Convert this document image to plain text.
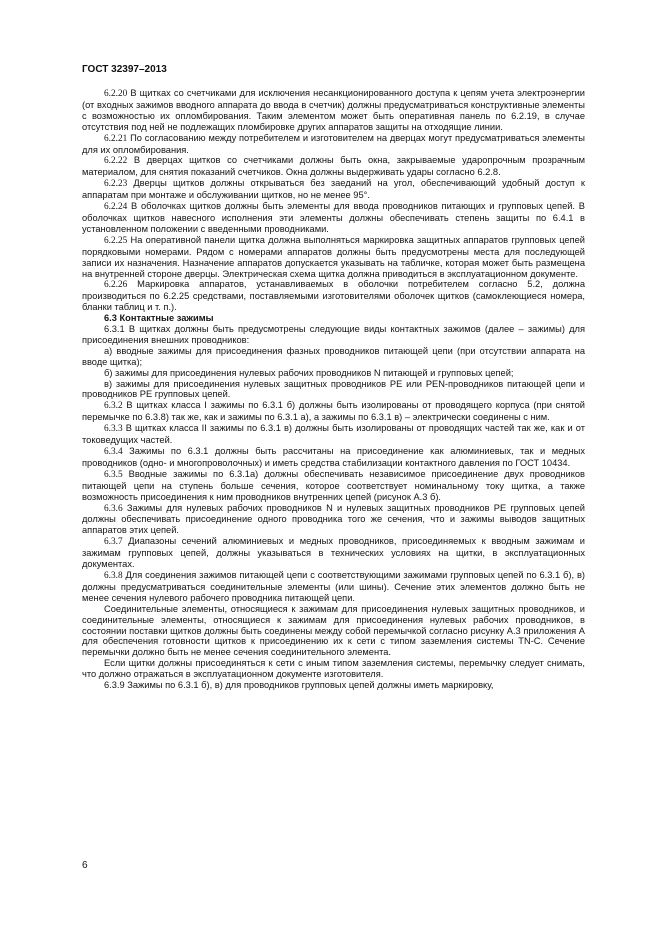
ГОСТ 32397–2013

6.2.20 В щитках со счетчиками для исключения несанкционированного доступа к цепям учета электроэнергии (от входных зажимов вводного аппарата до ввода в счетчик) должны предусматриваться конструктивные элементы с возможностью их опломбирования. Таким элементом может быть оперативная панель по 6.2.19, в случае отсутствия под ней не подлежащих пломбировке других аппаратов защиты на отходящие линии.

6.2.21 По согласованию между потребителем и изготовителем на дверцах могут предусматриваться элементы для их опломбирования.

6.2.22 В дверцах щитков со счетчиками должны быть окна, закрываемые ударопрочным прозрачным материалом, для снятия показаний счетчиков. Окна должны выдерживать удары согласно 6.2.8.

6.2.23 Дверцы щитков должны открываться без заеданий на угол, обеспечивающий удобный доступ к аппаратам при монтаже и обслуживании щитков, но не менее 95°.

6.2.24 В оболочках щитков должны быть элементы для ввода проводников питающих и групповых цепей. В оболочках щитков навесного исполнения эти элементы должны обеспечивать степень защиты по 6.4.1 в установленном положении с введенными проводниками.

6.2.25 На оперативной панели щитка должна выполняться маркировка защитных аппаратов групповых цепей порядковыми номерами. Рядом с номерами аппаратов должны быть предусмотрены места для последующей записи их назначения. Назначение аппаратов допускается указывать на табличке, которая может быть размещена на внутренней стороне дверцы. Электрическая схема щитка должна приводиться в эксплуатационном документе.

6.2.26 Маркировка аппаратов, устанавливаемых в оболочки потребителем согласно 5.2, должна производиться по 6.2.25 средствами, поставляемыми изготовителями оболочек щитков (самоклеющиеся номера, бланки таблиц и т. п.).

6.3 Контактные зажимы

6.3.1 В щитках должны быть предусмотрены следующие виды контактных зажимов (далее – зажимы) для присоединения внешних проводников:

а) вводные зажимы для присоединения фазных проводников питающей цепи (при отсутствии аппарата на вводе щитка);

б) зажимы для присоединения нулевых рабочих проводников N питающей и групповых цепей;

в) зажимы для присоединения нулевых защитных проводников PE или PEN-проводников питающей цепи и проводников PE групповых цепей.

6.3.2 В щитках класса I зажимы по 6.3.1 б) должны быть изолированы от проводящего корпуса (при снятой перемычке по 6.3.8) так же, как и зажимы по 6.3.1 а), а зажимы по 6.3.1 в) – электрически соединены с ним.

6.3.3 В щитках класса II зажимы по 6.3.1 в) должны быть изолированы от проводящих частей так же, как и от токоведущих частей.

6.3.4 Зажимы по 6.3.1 должны быть рассчитаны на присоединение как алюминиевых, так и медных проводников (одно- и многопроволочных) и иметь средства стабилизации контактного давления по ГОСТ 10434.

6.3.5 Вводные зажимы по 6.3.1а) должны обеспечивать независимое присоединение двух проводников питающей цепи на ступень больше сечения, которое соответствует номинальному току щитка, а также возможность присоединения к ним проводников внутренних цепей (рисунок А.3 б).

6.3.6 Зажимы для нулевых рабочих проводников N и нулевых защитных проводников PE групповых цепей должны обеспечивать присоединение одного проводника того же сечения, что и зажимы выводов защитных аппаратов этих цепей.

6.3.7 Диапазоны сечений алюминиевых и медных проводников, присоединяемых к вводным зажимам и зажимам групповых цепей, должны указываться в технических условиях на щитки, в эксплуатационных документах.

6.3.8 Для соединения зажимов питающей цепи с соответствующими зажимами групповых цепей по 6.3.1 б), в) должны предусматриваться соединительные элементы (или шины). Сечение этих элементов должно быть не менее сечения нулевого рабочего проводника питающей цепи.

Соединительные элементы, относящиеся к зажимам для присоединения нулевых защитных проводников, и соединительные элементы, относящиеся к зажимам для присоединения нулевых рабочих проводников, в состоянии поставки щитков должны быть соединены между собой перемычкой согласно рисунку А.3 приложения А для обеспечения готовности щитков к присоединению их к сети с типом заземления системы TN-C. Сечение перемычки должно быть не менее сечения соединительного элемента.

Если щитки должны присоединяться к сети с иным типом заземления системы, перемычку следует снимать, что должно отражаться в эксплуатационном документе изготовителя.

6.3.9 Зажимы по 6.3.1 б), в) для проводников групповых цепей должны иметь маркировку,

6
